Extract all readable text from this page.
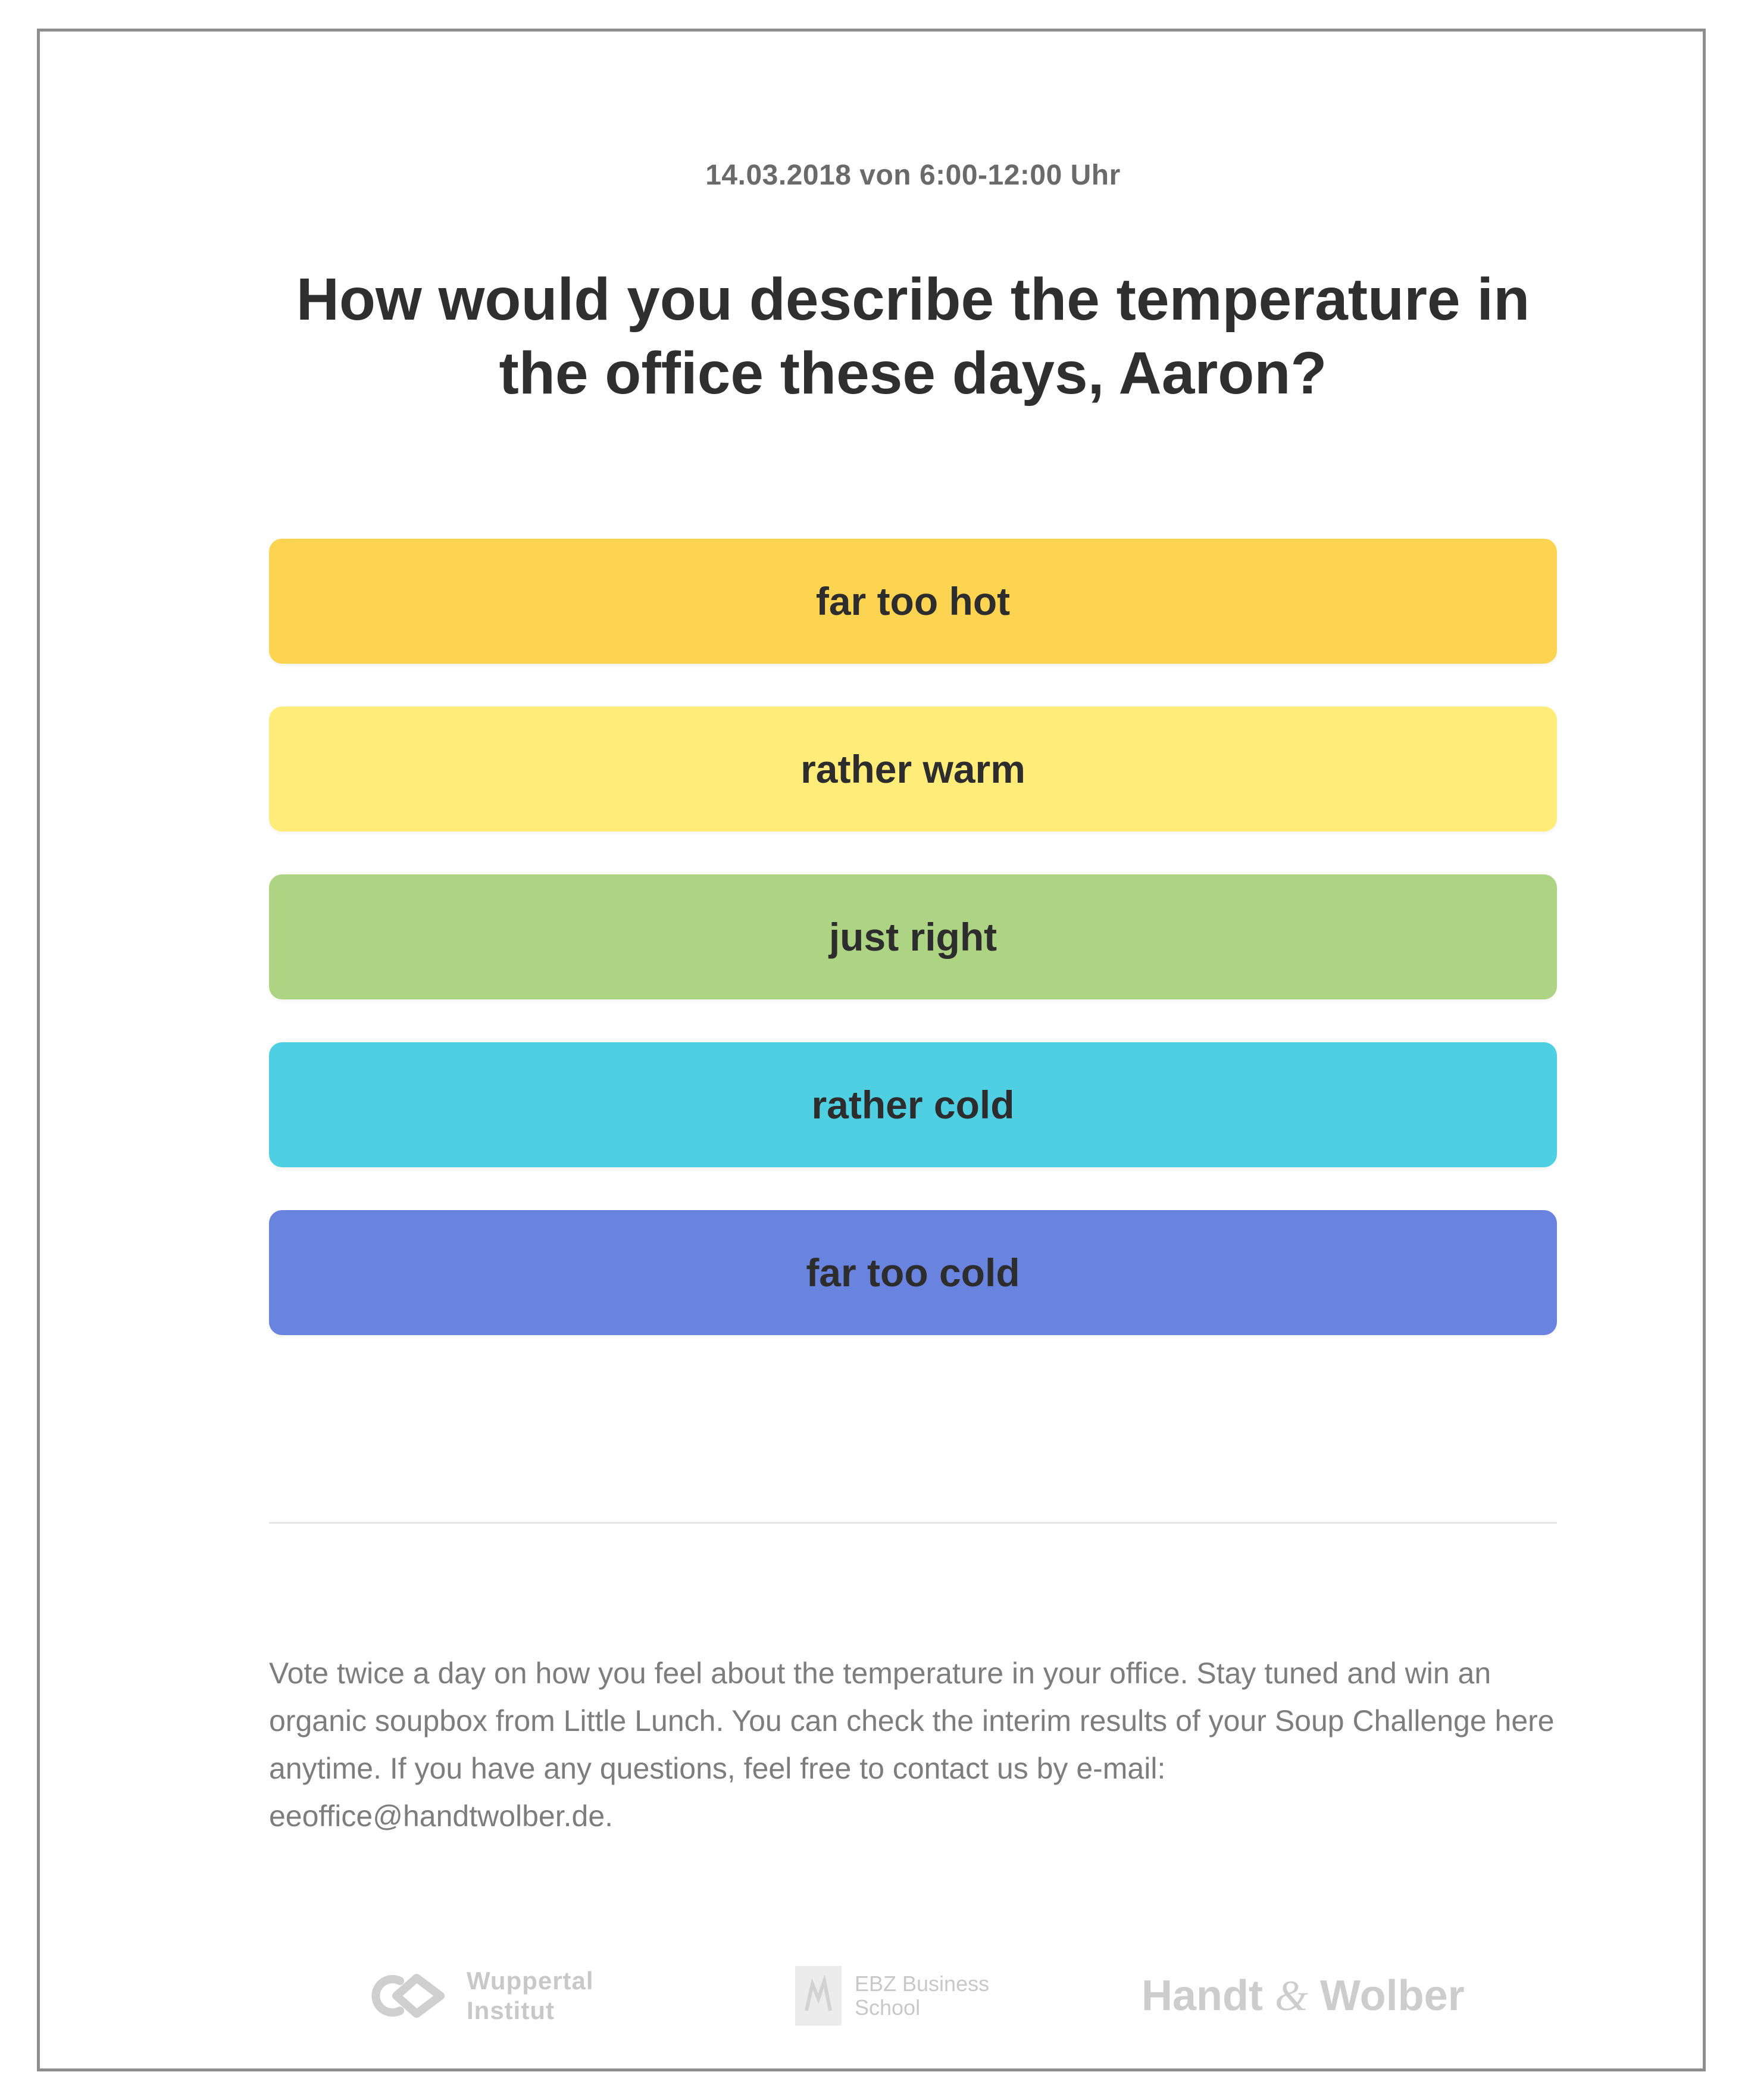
14.03.2018 von 6:00-12:00 Uhr
How would you describe the temperature in the office these days, Aaron?
far too hot
rather warm
just right
rather cold
far too cold
Vote twice a day on how you feel about the temperature in your office. Stay tuned and win an organic soupbox from Little Lunch. You can check the interim results of your Soup Challenge here anytime. If you have any questions, feel free to contact us by e-mail:
eeoffice@handtwolber.de.
Wuppertal
Institut
EBZ Business
School	Handt & Wolber
